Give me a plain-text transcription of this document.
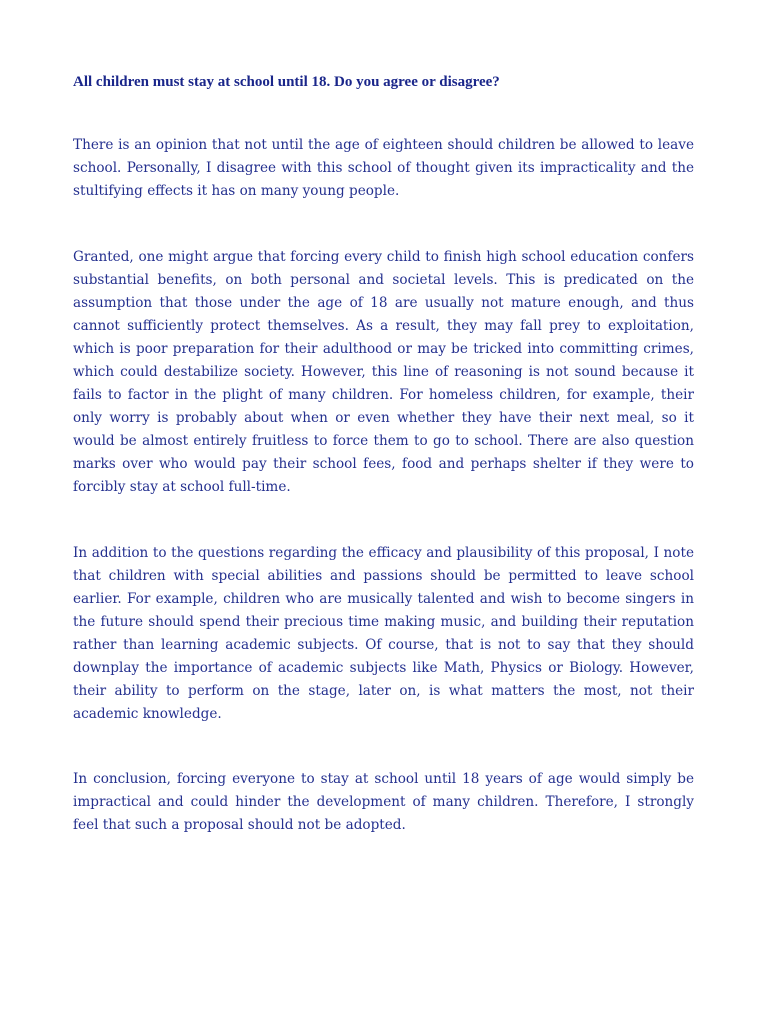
All children must stay at school until 18. Do you agree or disagree?

There is an opinion that not until the age of eighteen should children be allowed to leave school. Personally, I disagree with this school of thought given its impracticality and the stultifying effects it has on many young people.

Granted, one might argue that forcing every child to finish high school education confers substantial benefits, on both personal and societal levels. This is predicated on the assumption that those under the age of 18 are usually not mature enough, and thus cannot sufficiently protect themselves. As a result, they may fall prey to exploitation, which is poor preparation for their adulthood or may be tricked into committing crimes, which could destabilize society. However, this line of reasoning is not sound because it fails to factor in the plight of many children. For homeless children, for example, their only worry is probably about when or even whether they have their next meal, so it would be almost entirely fruitless to force them to go to school. There are also question marks over who would pay their school fees, food and perhaps shelter if they were to forcibly stay at school full-time.

In addition to the questions regarding the efficacy and plausibility of this proposal, I note that children with special abilities and passions should be permitted to leave school earlier. For example, children who are musically talented and wish to become singers in the future should spend their precious time making music, and building their reputation rather than learning academic subjects. Of course, that is not to say that they should downplay the importance of academic subjects like Math, Physics or Biology. However, their ability to perform on the stage, later on, is what matters the most, not their academic knowledge.

In conclusion, forcing everyone to stay at school until 18 years of age would simply be impractical and could hinder the development of many children. Therefore, I strongly feel that such a proposal should not be adopted.
